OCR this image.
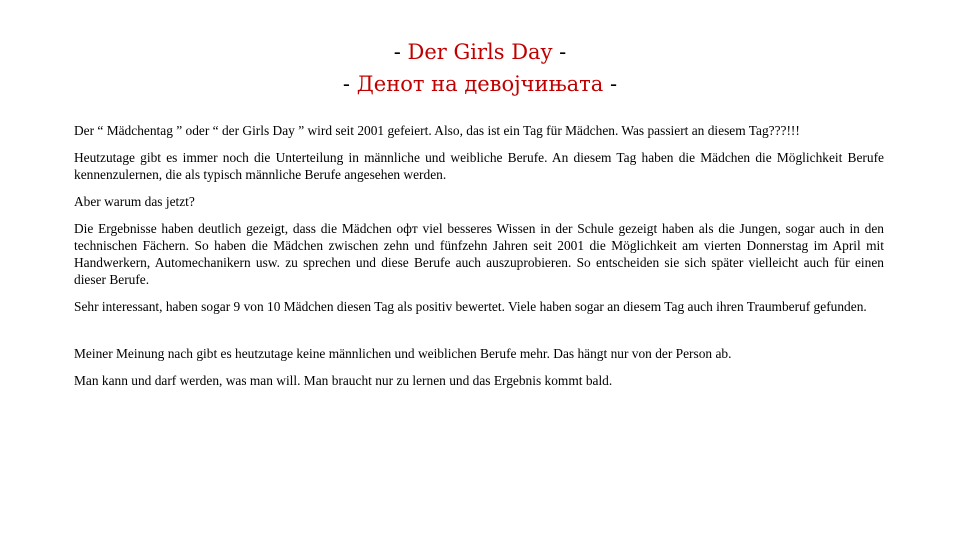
- Der Girls Day -
- Денот на девојчињата -

Der “ Mädchentag ” oder “ der Girls Day ” wird seit 2001 gefeiert. Also, das ist ein Tag für Mädchen. Was passiert an diesem Tag???!!!

Heutzutage gibt es immer noch die Unterteilung in männliche und weibliche Berufe. An diesem Tag haben die Mädchen die Möglichkeit Berufe kennenzulernen, die als typisch männliche Berufe angesehen werden.

Aber warum das jetzt?

Die Ergebnisse haben deutlich gezeigt, dass die Mädchen офт viel besseres Wissen in der Schule gezeigt haben als die Jungen, sogar auch in den technischen Fächern. So haben die Mädchen zwischen zehn und fünfzehn Jahren seit 2001 die Möglichkeit am vierten Donnerstag im April mit Handwerkern, Automechanikern usw. zu sprechen und diese Berufe auch auszuprobieren. So entscheiden sie sich später vielleicht auch für einen dieser Berufe.

Sehr interessant, haben sogar 9 von 10 Mädchen diesen Tag als positiv bewertet. Viele haben sogar an diesem Tag auch ihren Traumberuf gefunden.

Meiner Meinung nach gibt es heutzutage keine männlichen und weiblichen Berufe mehr. Das hängt nur von der Person ab.

Man kann und darf werden, was man will. Man braucht nur zu lernen und das Ergebnis kommt bald.
